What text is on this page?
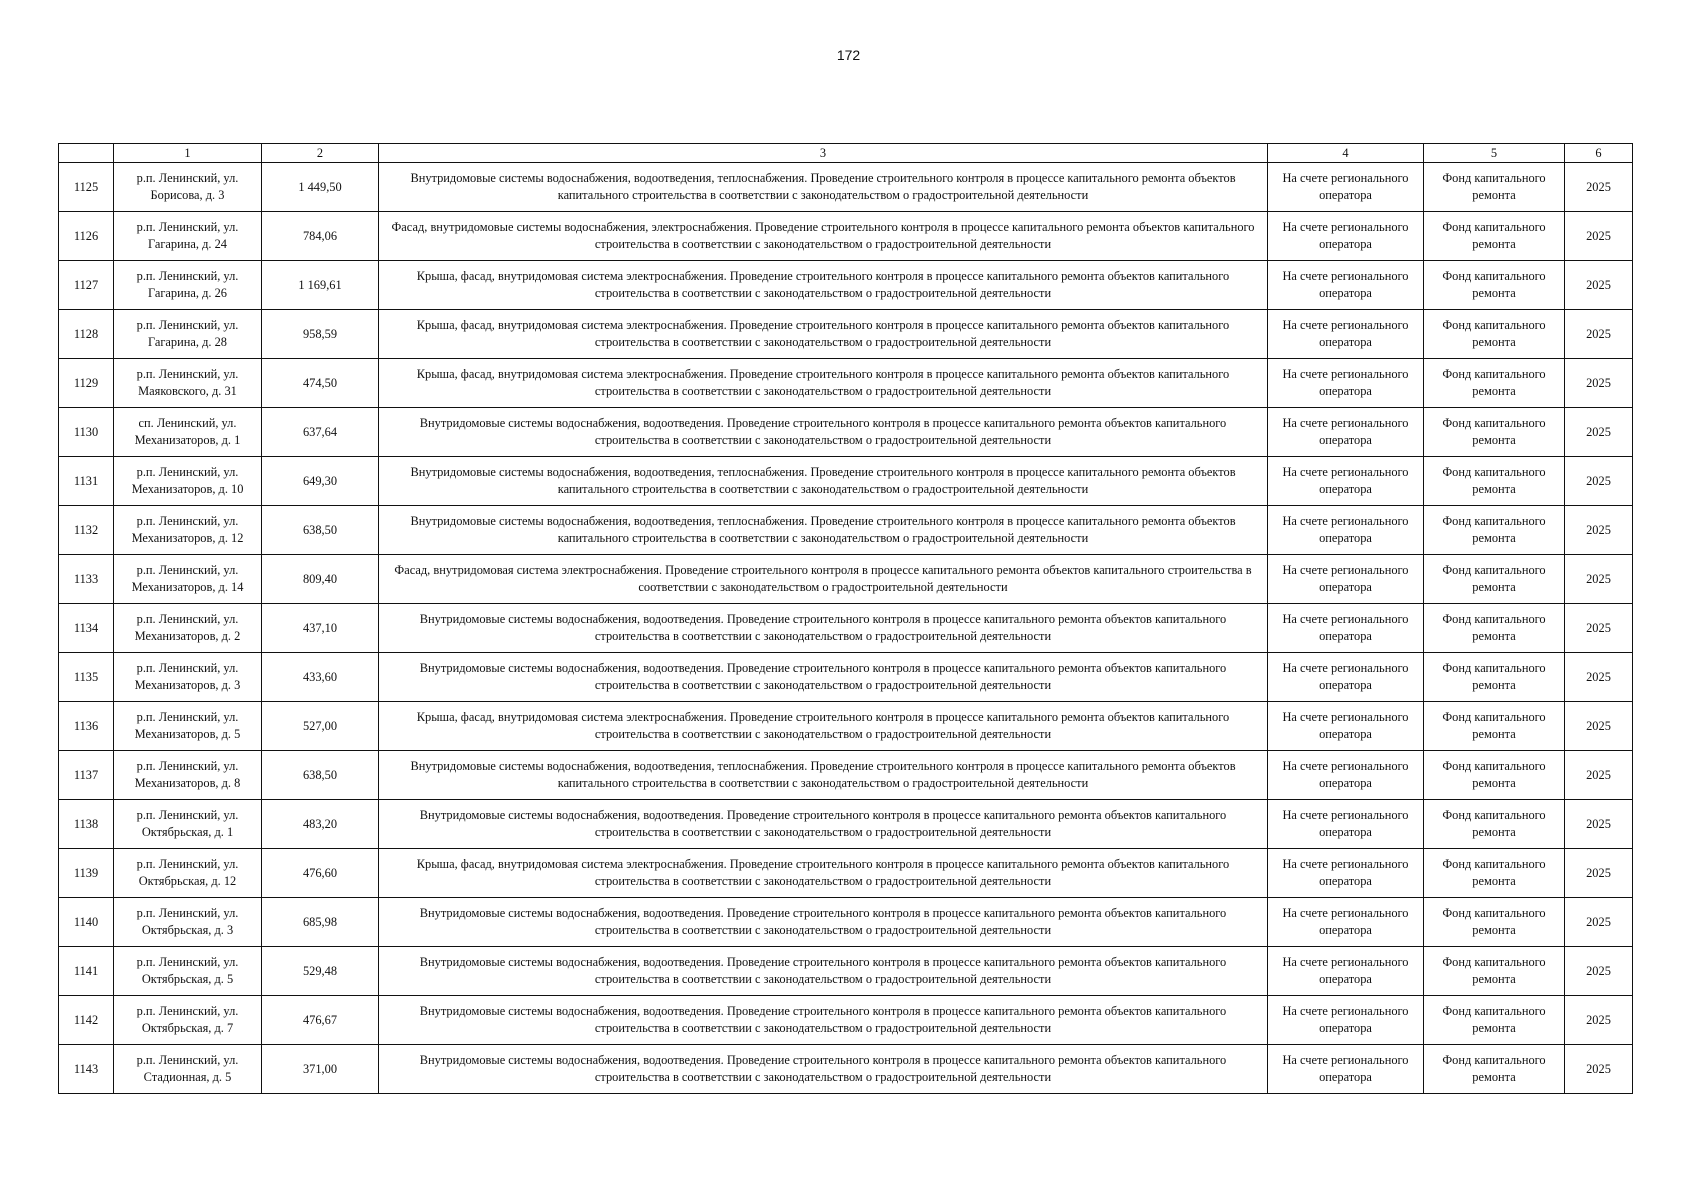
172
	1	2	3	4	5	6
1125	р.п. Ленинский, ул. Борисова, д. 3	1 449,50	Внутридомовые системы водоснабжения, водоотведения, теплоснабжения. Проведение строительного контроля в процессе капитального ремонта объектов капитального строительства в соответствии с законодательством о градостроительной деятельности	На счете регионального оператора	Фонд капитального ремонта	2025
1126	р.п. Ленинский, ул. Гагарина, д. 24	784,06	Фасад, внутридомовые системы водоснабжения, электроснабжения. Проведение строительного контроля в процессе капитального ремонта объектов капитального строительства в соответствии с законодательством о градостроительной деятельности	На счете регионального оператора	Фонд капитального ремонта	2025
1127	р.п. Ленинский, ул. Гагарина, д. 26	1 169,61	Крыша, фасад, внутридомовая система электроснабжения. Проведение строительного контроля в процессе капитального ремонта объектов капитального строительства в соответствии с законодательством о градостроительной деятельности	На счете регионального оператора	Фонд капитального ремонта	2025
1128	р.п. Ленинский, ул. Гагарина, д. 28	958,59	Крыша, фасад, внутридомовая система электроснабжения. Проведение строительного контроля в процессе капитального ремонта объектов капитального строительства в соответствии с законодательством о градостроительной деятельности	На счете регионального оператора	Фонд капитального ремонта	2025
1129	р.п. Ленинский, ул. Маяковского, д. 31	474,50	Крыша, фасад, внутридомовая система электроснабжения. Проведение строительного контроля в процессе капитального ремонта объектов капитального строительства в соответствии с законодательством о градостроительной деятельности	На счете регионального оператора	Фонд капитального ремонта	2025
1130	сп. Ленинский, ул. Механизаторов, д. 1	637,64	Внутридомовые системы водоснабжения, водоотведения. Проведение строительного контроля в процессе капитального ремонта объектов капитального строительства в соответствии с законодательством о градостроительной деятельности	На счете регионального оператора	Фонд капитального ремонта	2025
1131	р.п. Ленинский, ул. Механизаторов, д. 10	649,30	Внутридомовые системы водоснабжения, водоотведения, теплоснабжения. Проведение строительного контроля в процессе капитального ремонта объектов капитального строительства в соответствии с законодательством о градостроительной деятельности	На счете регионального оператора	Фонд капитального ремонта	2025
1132	р.п. Ленинский, ул. Механизаторов, д. 12	638,50	Внутридомовые системы водоснабжения, водоотведения, теплоснабжения. Проведение строительного контроля в процессе капитального ремонта объектов капитального строительства в соответствии с законодательством о градостроительной деятельности	На счете регионального оператора	Фонд капитального ремонта	2025
1133	р.п. Ленинский, ул. Механизаторов, д. 14	809,40	Фасад, внутридомовая система электроснабжения. Проведение строительного контроля в процессе капитального ремонта объектов капитального строительства в соответствии с законодательством о градостроительной деятельности	На счете регионального оператора	Фонд капитального ремонта	2025
1134	р.п. Ленинский, ул. Механизаторов, д. 2	437,10	Внутридомовые системы водоснабжения, водоотведения. Проведение строительного контроля в процессе капитального ремонта объектов капитального строительства в соответствии с законодательством о градостроительной деятельности	На счете регионального оператора	Фонд капитального ремонта	2025
1135	р.п. Ленинский, ул. Механизаторов, д. 3	433,60	Внутридомовые системы водоснабжения, водоотведения. Проведение строительного контроля в процессе капитального ремонта объектов капитального строительства в соответствии с законодательством о градостроительной деятельности	На счете регионального оператора	Фонд капитального ремонта	2025
1136	р.п. Ленинский, ул. Механизаторов, д. 5	527,00	Крыша, фасад, внутридомовая система электроснабжения. Проведение строительного контроля в процессе капитального ремонта объектов капитального строительства в соответствии с законодательством о градостроительной деятельности	На счете регионального оператора	Фонд капитального ремонта	2025
1137	р.п. Ленинский, ул. Механизаторов, д. 8	638,50	Внутридомовые системы водоснабжения, водоотведения, теплоснабжения. Проведение строительного контроля в процессе капитального ремонта объектов капитального строительства в соответствии с законодательством о градостроительной деятельности	На счете регионального оператора	Фонд капитального ремонта	2025
1138	р.п. Ленинский, ул. Октябрьская, д. 1	483,20	Внутридомовые системы водоснабжения, водоотведения. Проведение строительного контроля в процессе капитального ремонта объектов капитального строительства в соответствии с законодательством о градостроительной деятельности	На счете регионального оператора	Фонд капитального ремонта	2025
1139	р.п. Ленинский, ул. Октябрьская, д. 12	476,60	Крыша, фасад, внутридомовая система электроснабжения. Проведение строительного контроля в процессе капитального ремонта объектов капитального строительства в соответствии с законодательством о градостроительной деятельности	На счете регионального оператора	Фонд капитального ремонта	2025
1140	р.п. Ленинский, ул. Октябрьская, д. 3	685,98	Внутридомовые системы водоснабжения, водоотведения. Проведение строительного контроля в процессе капитального ремонта объектов капитального строительства в соответствии с законодательством о градостроительной деятельности	На счете регионального оператора	Фонд капитального ремонта	2025
1141	р.п. Ленинский, ул. Октябрьская, д. 5	529,48	Внутридомовые системы водоснабжения, водоотведения. Проведение строительного контроля в процессе капитального ремонта объектов капитального строительства в соответствии с законодательством о градостроительной деятельности	На счете регионального оператора	Фонд капитального ремонта	2025
1142	р.п. Ленинский, ул. Октябрьская, д. 7	476,67	Внутридомовые системы водоснабжения, водоотведения. Проведение строительного контроля в процессе капитального ремонта объектов капитального строительства в соответствии с законодательством о градостроительной деятельности	На счете регионального оператора	Фонд капитального ремонта	2025
1143	р.п. Ленинский, ул. Стадионная, д. 5	371,00	Внутридомовые системы водоснабжения, водоотведения. Проведение строительного контроля в процессе капитального ремонта объектов капитального строительства в соответствии с законодательством о градостроительной деятельности	На счете регионального оператора	Фонд капитального ремонта	2025
